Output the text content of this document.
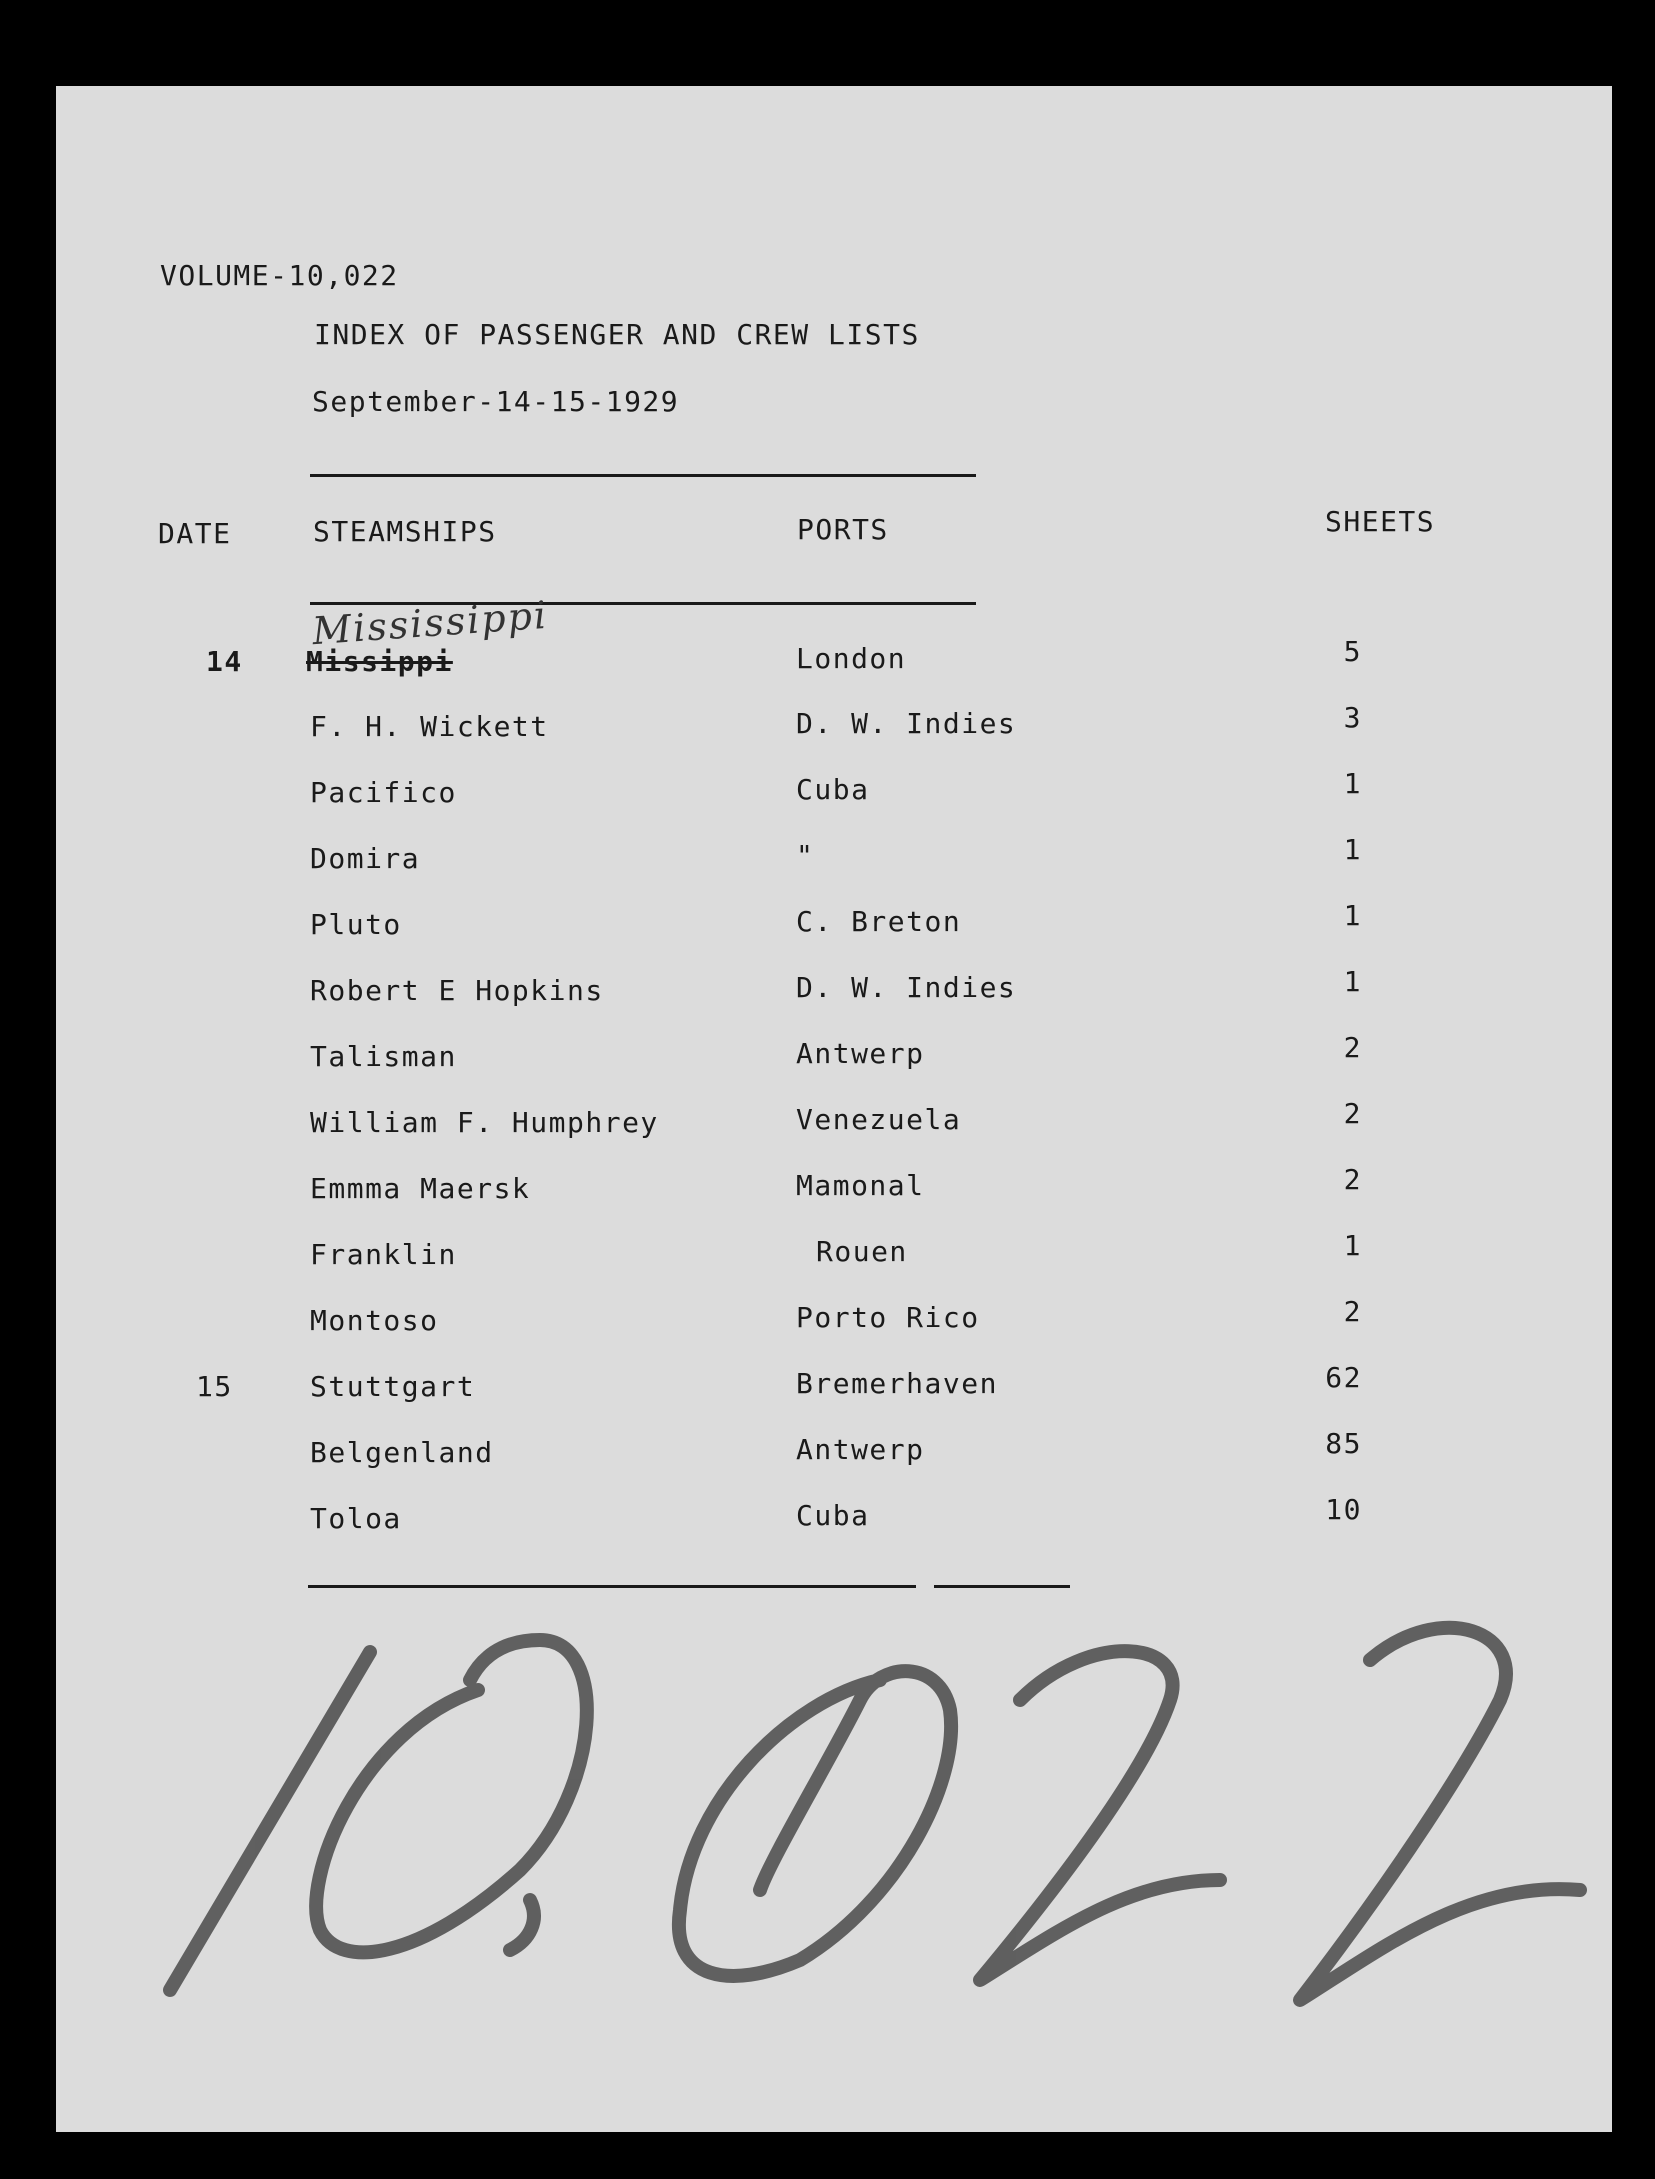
VOLUME-10,022
INDEX OF PASSENGER AND CREW LISTS
September-14-15-1929
DATE	STEAMSHIPS	PORTS	SHEETS
Mississippi
14 Missippi	London	5
F. H. Wickett	D. W. Indies	3
Pacifico	Cuba	1
Domira	"	1
Pluto	C. Breton	1
Robert E Hopkins	D. W. Indies	1
Talisman	Antwerp	2
William F. Humphrey	Venezuela	2
Emmma Maersk	Mamonal	2
Franklin	Rouen	1
Montoso	Porto Rico	2
15	Stuttgart	Bremerhaven	62
Belgenland	Antwerp	85
Toloa	Cuba	10
